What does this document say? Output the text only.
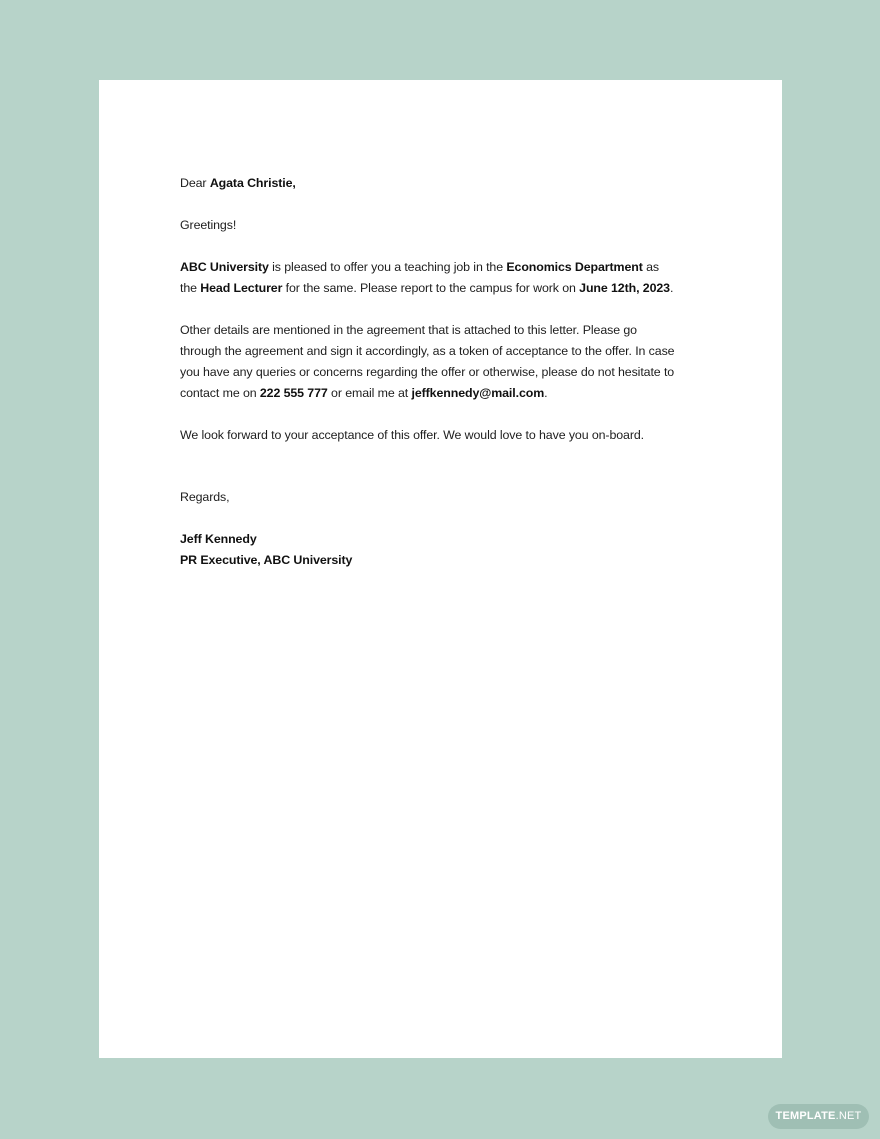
Dear Agata Christie,
Greetings!
ABC University is pleased to offer you a teaching job in the Economics Department as
the Head Lecturer for the same. Please report to the campus for work on June 12th, 2023.
Other details are mentioned in the agreement that is attached to this letter. Please go
through the agreement and sign it accordingly, as a token of acceptance to the offer. In case
you have any queries or concerns regarding the offer or otherwise, please do not hesitate to
contact me on 222 555 777 or email me at jeffkennedy@mail.com.
We look forward to your acceptance of this offer. We would love to have you on-board.
Regards,
Jeff Kennedy
PR Executive, ABC University
TEMPLATE.NET
